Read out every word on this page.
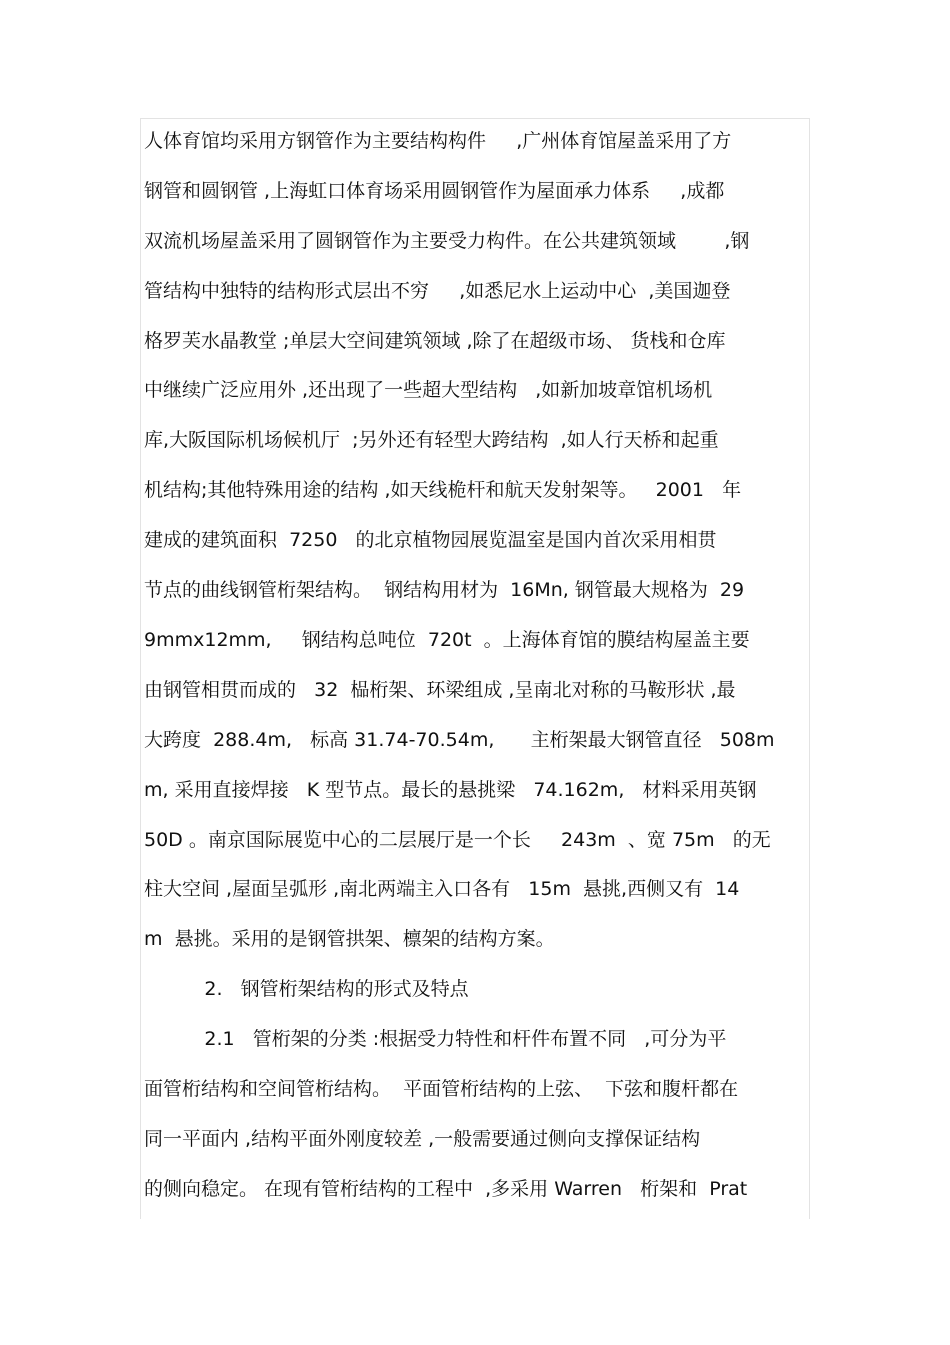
人体育馆均采用方钢管作为主要结构构件     ,广州体育馆屋盖采用了方
钢管和圆钢管 ,上海虹口体育场采用圆钢管作为屋面承力体系     ,成都
双流机场屋盖采用了圆钢管作为主要受力构件。在公共建筑领域        ,钢
管结构中独特的结构形式层出不穷     ,如悉尼水上运动中心  ,美国迦登
格罗芙水晶教堂 ;单层大空间建筑领域 ,除了在超级市场、 货栈和仓库
中继续广泛应用外 ,还出现了一些超大型结构   ,如新加坡章馆机场机
库,大阪国际机场候机厅  ;另外还有轻型大跨结构  ,如人行天桥和起重
机结构;其他特殊用途的结构 ,如天线桅杆和航天发射架等。   2001   年
建成的建筑面积  7250   的北京植物园展览温室是国内首次采用相贯
节点的曲线钢管桁架结构。  钢结构用材为  16Mn, 钢管最大规格为  29
9mmx12mm,     钢结构总吨位  720t  。上海体育馆的膜结构屋盖主要
由钢管相贯而成的   32  榀桁架、环梁组成 ,呈南北对称的马鞍形状 ,最
大跨度  288.4m,   标高 31.74-70.54m,      主桁架最大钢管直径   508m
m, 采用直接焊接   K 型节点。最长的悬挑梁   74.162m,   材料采用英钢
50D 。南京国际展览中心的二层展厅是一个长     243m  、宽 75m   的无
柱大空间 ,屋面呈弧形 ,南北两端主入口各有   15m  悬挑,西侧又有  14
m  悬挑。采用的是钢管拱架、檩架的结构方案。
2.   钢管桁架结构的形式及特点
2.1   管桁架的分类 :根据受力特性和杆件布置不同   ,可分为平
面管桁结构和空间管桁结构。  平面管桁结构的上弦、  下弦和腹杆都在
同一平面内 ,结构平面外刚度较差 ,一般需要通过侧向支撑保证结构
的侧向稳定。 在现有管桁结构的工程中  ,多采用 Warren   桁架和  Prat
